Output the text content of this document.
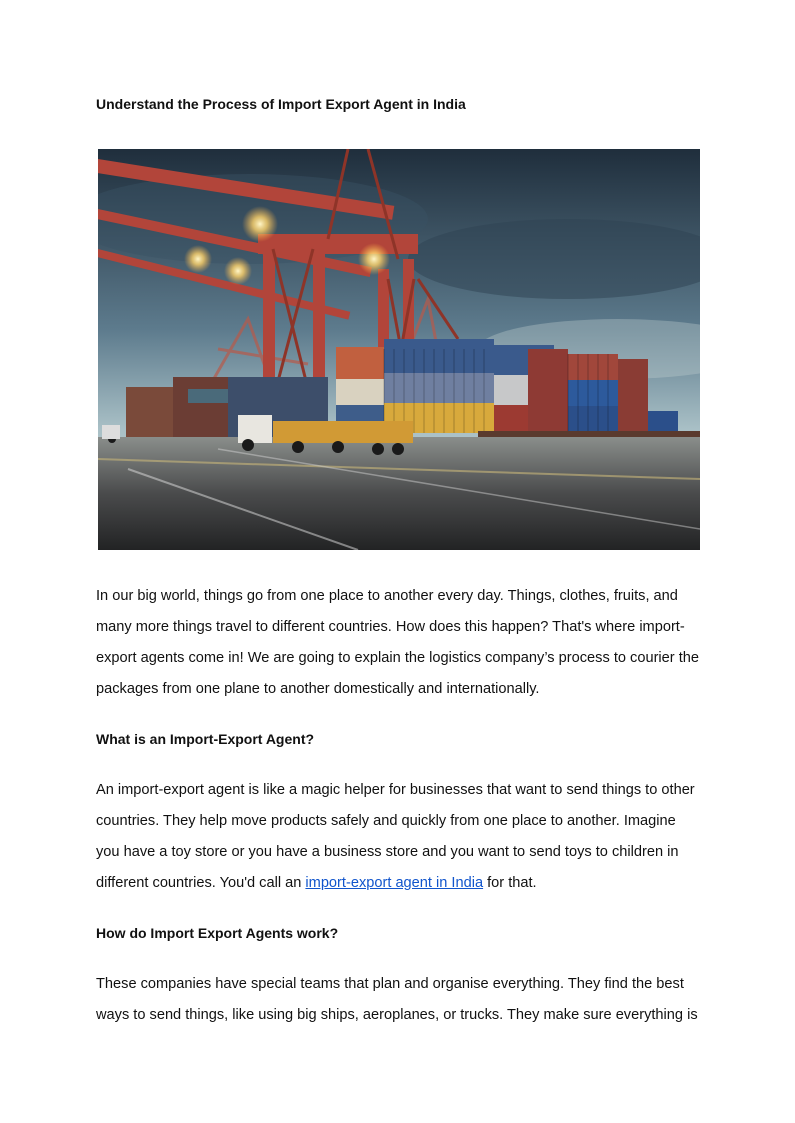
Understand the Process of Import Export Agent in India

In our big world, things go from one place to another every day. Things, clothes, fruits, and many more things travel to different countries. How does this happen? That's where import-export agents come in! We are going to explain the logistics company’s process to courier the packages from one plane to another domestically and internationally.

What is an Import-Export Agent?

An import-export agent is like a magic helper for businesses that want to send things to other countries. They help move products safely and quickly from one place to another. Imagine you have a toy store or you have a business store and you want to send toys to children in different countries. You'd call an import-export agent in India for that.

How do Import Export Agents work?

These companies have special teams that plan and organise everything. They find the best ways to send things, like using big ships, aeroplanes, or trucks. They make sure everything is
